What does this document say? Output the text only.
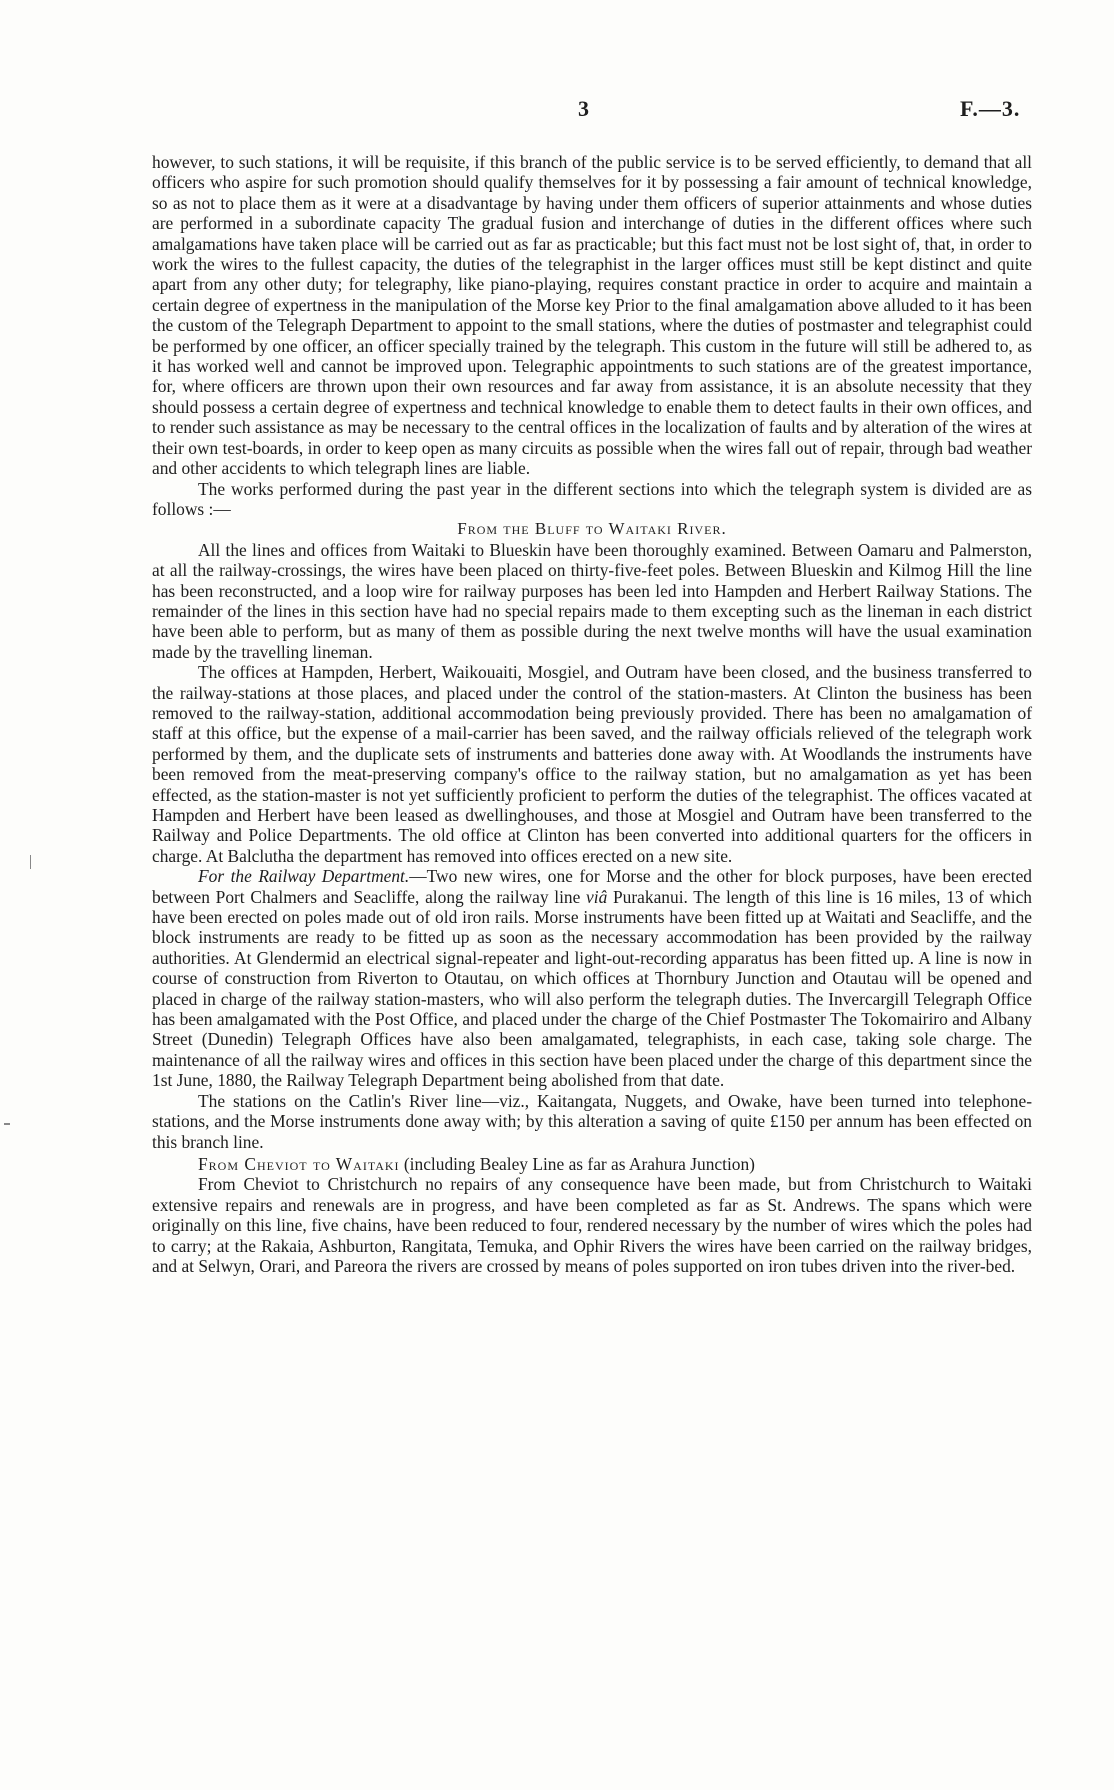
3	F.—3.

however, to such stations, it will be requisite, if this branch of the public service is to be served efficiently, to demand that all officers who aspire for such promotion should qualify themselves for it by possessing a fair amount of technical knowledge, so as not to place them as it were at a disadvantage by having under them officers of superior attainments and whose duties are performed in a subordinate capacity The gradual fusion and interchange of duties in the different offices where such amalgamations have taken place will be carried out as far as practicable; but this fact must not be lost sight of, that, in order to work the wires to the fullest capacity, the duties of the telegraphist in the larger offices must still be kept distinct and quite apart from any other duty; for telegraphy, like piano-playing, requires constant practice in order to acquire and maintain a certain degree of expertness in the manipulation of the Morse key Prior to the final amalgamation above alluded to it has been the custom of the Telegraph Department to appoint to the small stations, where the duties of postmaster and telegraphist could be performed by one officer, an officer specially trained by the telegraph. This custom in the future will still be adhered to, as it has worked well and cannot be improved upon. Telegraphic appointments to such stations are of the greatest importance, for, where officers are thrown upon their own resources and far away from assistance, it is an absolute necessity that they should possess a certain degree of expertness and technical knowledge to enable them to detect faults in their own offices, and to render such assistance as may be necessary to the central offices in the localization of faults and by alteration of the wires at their own test-boards, in order to keep open as many circuits as possible when the wires fall out of repair, through bad weather and other accidents to which telegraph lines are liable.

The works performed during the past year in the different sections into which the telegraph system is divided are as follows :—

From the Bluff to Waitaki River.

All the lines and offices from Waitaki to Blueskin have been thoroughly examined. Between Oamaru and Palmerston, at all the railway-crossings, the wires have been placed on thirty-five-feet poles. Between Blueskin and Kilmog Hill the line has been reconstructed, and a loop wire for railway purposes has been led into Hampden and Herbert Railway Stations. The remainder of the lines in this section have had no special repairs made to them excepting such as the lineman in each district have been able to perform, but as many of them as possible during the next twelve months will have the usual examination made by the travelling lineman.

The offices at Hampden, Herbert, Waikouaiti, Mosgiel, and Outram have been closed, and the business transferred to the railway-stations at those places, and placed under the control of the station-masters. At Clinton the business has been removed to the railway-station, additional accommodation being previously provided. There has been no amalgamation of staff at this office, but the expense of a mail-carrier has been saved, and the railway officials relieved of the telegraph work performed by them, and the duplicate sets of instruments and batteries done away with. At Woodlands the instruments have been removed from the meat-preserving company's office to the railway station, but no amalgamation as yet has been effected, as the station-master is not yet sufficiently proficient to perform the duties of the telegraphist. The offices vacated at Hampden and Herbert have been leased as dwellinghouses, and those at Mosgiel and Outram have been transferred to the Railway and Police Departments. The old office at Clinton has been converted into additional quarters for the officers in charge. At Balclutha the department has removed into offices erected on a new site.

For the Railway Department.—Two new wires, one for Morse and the other for block purposes, have been erected between Port Chalmers and Seacliffe, along the railway line viâ Purakanui. The length of this line is 16 miles, 13 of which have been erected on poles made out of old iron rails. Morse instruments have been fitted up at Waitati and Seacliffe, and the block instruments are ready to be fitted up as soon as the necessary accommodation has been provided by the railway authorities. At Glendermid an electrical signal-repeater and light-out-recording apparatus has been fitted up. A line is now in course of construction from Riverton to Otautau, on which offices at Thornbury Junction and Otautau will be opened and placed in charge of the railway station-masters, who will also perform the telegraph duties. The Invercargill Telegraph Office has been amalgamated with the Post Office, and placed under the charge of the Chief Postmaster The Tokomairiro and Albany Street (Dunedin) Telegraph Offices have also been amalgamated, telegraphists, in each case, taking sole charge. The maintenance of all the railway wires and offices in this section have been placed under the charge of this department since the 1st June, 1880, the Railway Telegraph Department being abolished from that date.

The stations on the Catlin's River line—viz., Kaitangata, Nuggets, and Owake, have been turned into telephone-stations, and the Morse instruments done away with; by this alteration a saving of quite £150 per annum has been effected on this branch line.

From Cheviot to Waitaki (including Bealey Line as far as Arahura Junction)

From Cheviot to Christchurch no repairs of any consequence have been made, but from Christchurch to Waitaki extensive repairs and renewals are in progress, and have been completed as far as St. Andrews. The spans which were originally on this line, five chains, have been reduced to four, rendered necessary by the number of wires which the poles had to carry; at the Rakaia, Ashburton, Rangitata, Temuka, and Ophir Rivers the wires have been carried on the railway bridges, and at Selwyn, Orari, and Pareora the rivers are crossed by means of poles supported on iron tubes driven into the river-bed.
